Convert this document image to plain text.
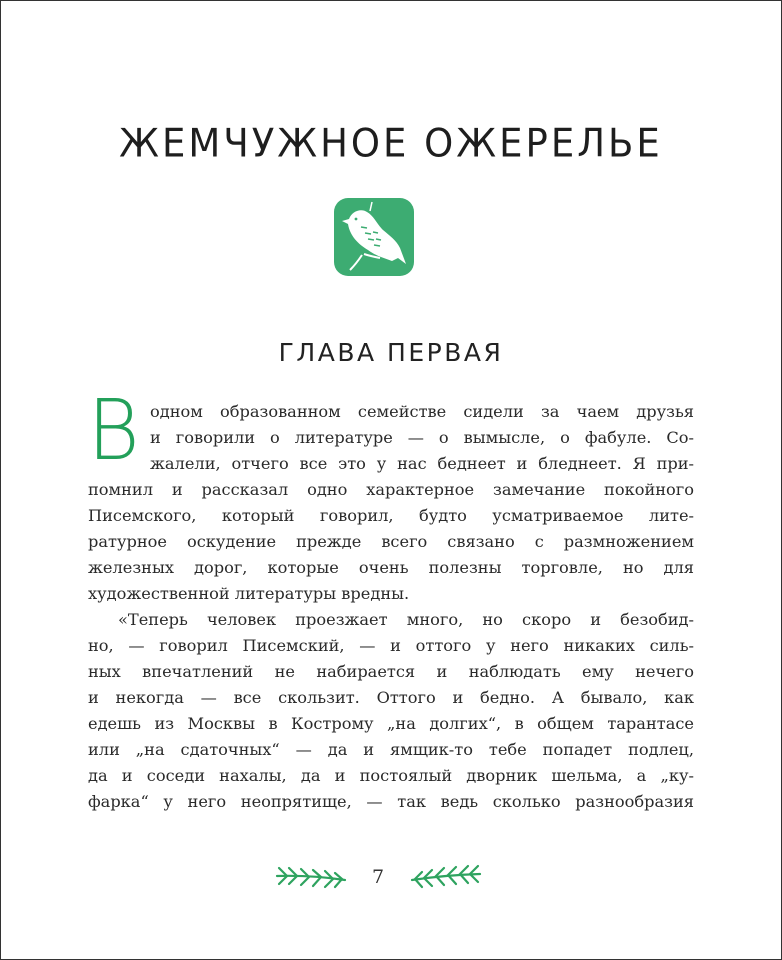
ЖЕМЧУЖНОЕ ОЖЕРЕЛЬЕ
ГЛАВА ПЕРВАЯ
В одном образованном семействе сидели за чаем друзья
и говорили о литературе — о вымысле, о фабуле. Со-
жалели, отчего все это у нас беднеет и бледнеет. Я при-
помнил и рассказал одно характерное замечание покойного
Писемского, который говорил, будто усматриваемое лите-
ратурное оскудение прежде всего связано с размножением
железных дорог, которые очень полезны торговле, но для
художественной литературы вредны.
«Теперь человек проезжает много, но скоро и безобид-
но, — говорил Писемский, — и оттого у него никаких силь-
ных впечатлений не набирается и наблюдать ему нечего
и некогда — все скользит. Оттого и бедно. А бывало, как
едешь из Москвы в Кострому „на долгих“, в общем тарантасе
или „на сдаточных“ — да и ямщик-то тебе попадет подлец,
да и соседи нахалы, да и постоялый дворник шельма, а „ку-
фарка“ у него неопрятище, — так ведь сколько разнообразия
7
